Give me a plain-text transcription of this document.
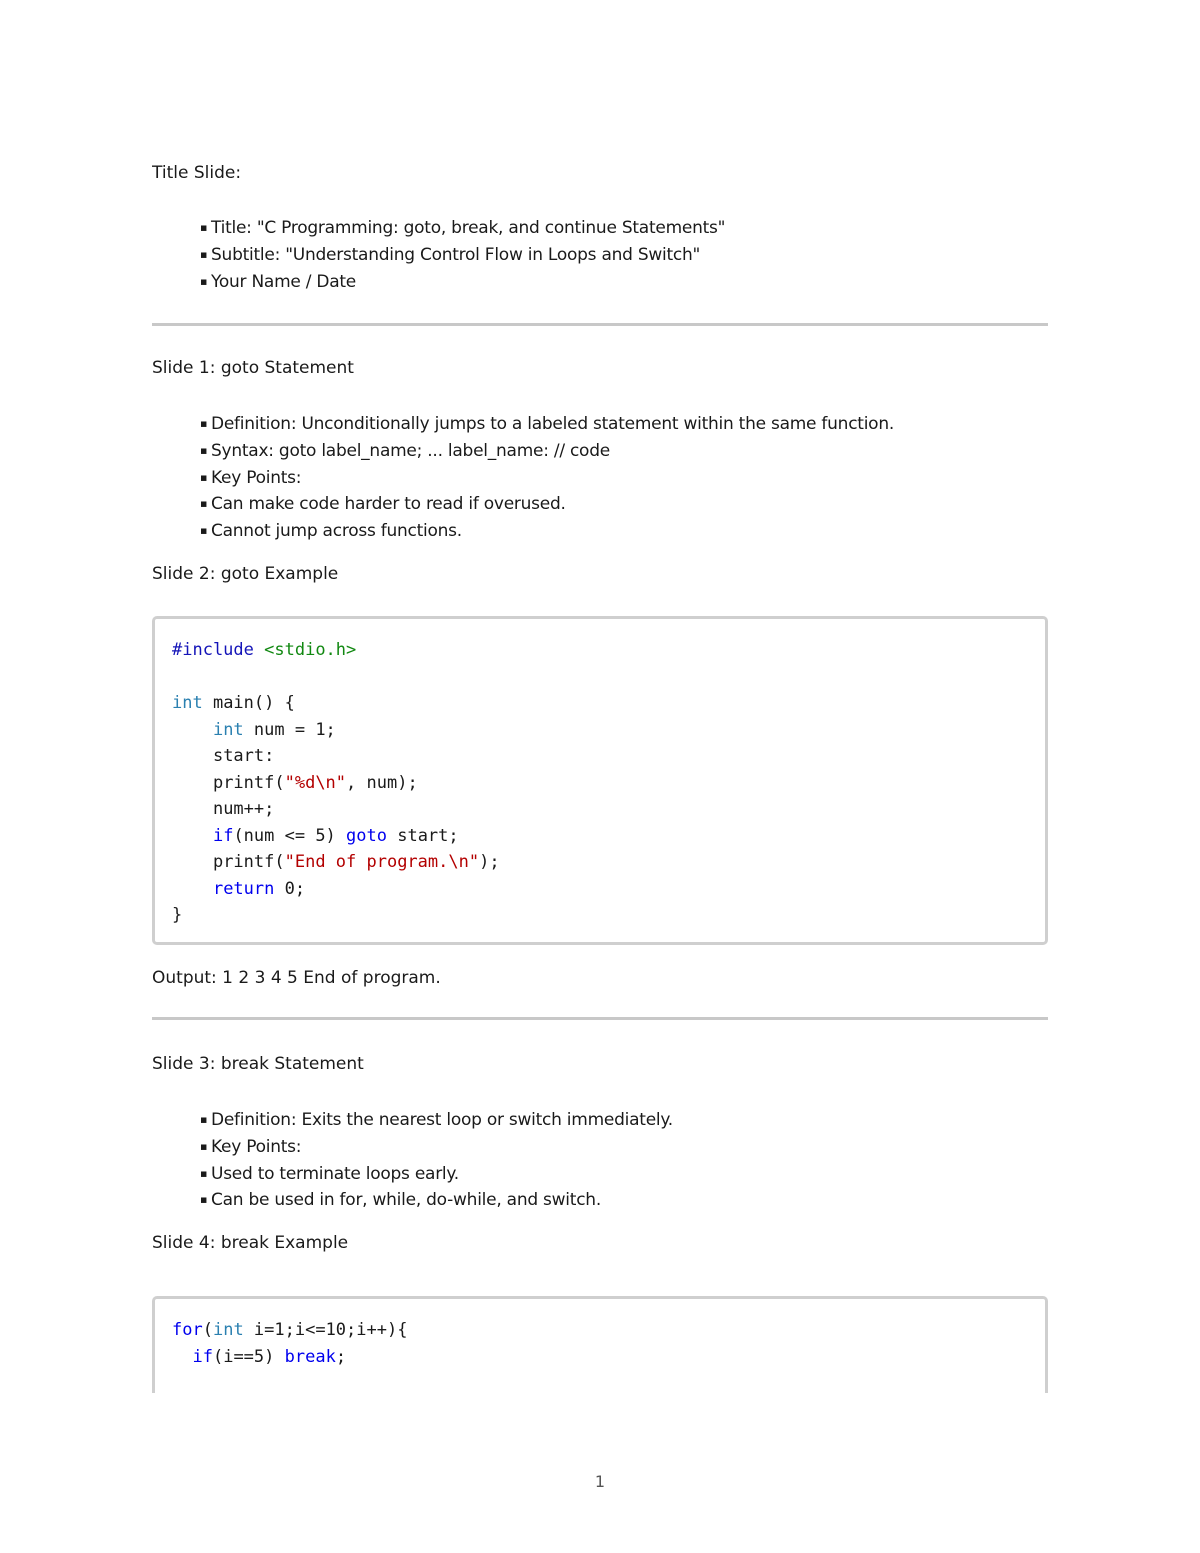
Title Slide:
▪ Title: "C Programming: goto, break, and continue Statements"
▪ Subtitle: "Understanding Control Flow in Loops and Switch"
▪ Your Name / Date
Slide 1: goto Statement
▪ Definition: Unconditionally jumps to a labeled statement within the same function.
▪ Syntax: goto label_name; ... label_name: // code
▪ Key Points:
▪ Can make code harder to read if overused.
▪ Cannot jump across functions.
Slide 2: goto Example
#include <stdio.h>

int main() {
int num = 1;
start:
printf("%d\n", num);
num++;
if(num <= 5) goto start;
printf("End of program.\n");
return 0;
}
Output: 1 2 3 4 5 End of program.
Slide 3: break Statement
▪ Definition: Exits the nearest loop or switch immediately.
▪ Key Points:
▪ Used to terminate loops early.
▪ Can be used in for, while, do-while, and switch.
Slide 4: break Example
for(int i=1;i<=10;i++){
if(i==5) break;
1
